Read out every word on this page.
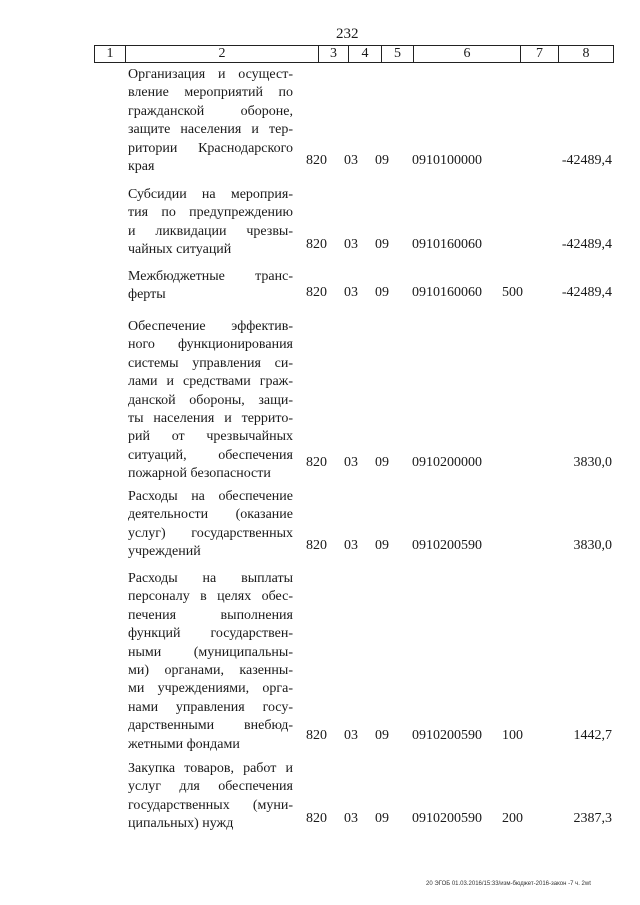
232
1	2	3	4	5	6	7	8
Организация и осущест-
вление мероприятий по
гражданской обороне,
защите населения и тер-
ритории Краснодарского
края	820 03 09 0910100000	-42489,4
Субсидии на мероприя-
тия по предупреждению
и ликвидации чрезвы-
чайных ситуаций	820 03 09 0910160060	-42489,4
Межбюджетные транс-
ферты	820 03 09 0910160060 500	-42489,4
Обеспечение эффектив-
ного функционирования
системы управления си-
лами и средствами граж-
данской обороны, защи-
ты населения и террито-
рий от чрезвычайных
ситуаций, обеспечения
пожарной безопасности
820 03 09 0910200000	3830,0
Расходы на обеспечение
деятельности (оказание
услуг) государственных
учреждений	820 03 09 0910200590	3830,0
Расходы на выплаты
персоналу в целях обес-
печения выполнения
функций государствен-
ными (муниципальны-
ми) органами, казенны-
ми учреждениями, орга-
нами управления госу-
дарственными внебюд-
жетными фондами
820 03 09 0910200590 100	1442,7
Закупка товаров, работ и
услуг для обеспечения
государственных (муни-
ципальных) нужд	820 03 09 0910200590 200	2387,3
20 ЭГОБ 01.03.2016/15:33/изм-бюджет-2016-закон -7 ч. 2wt
